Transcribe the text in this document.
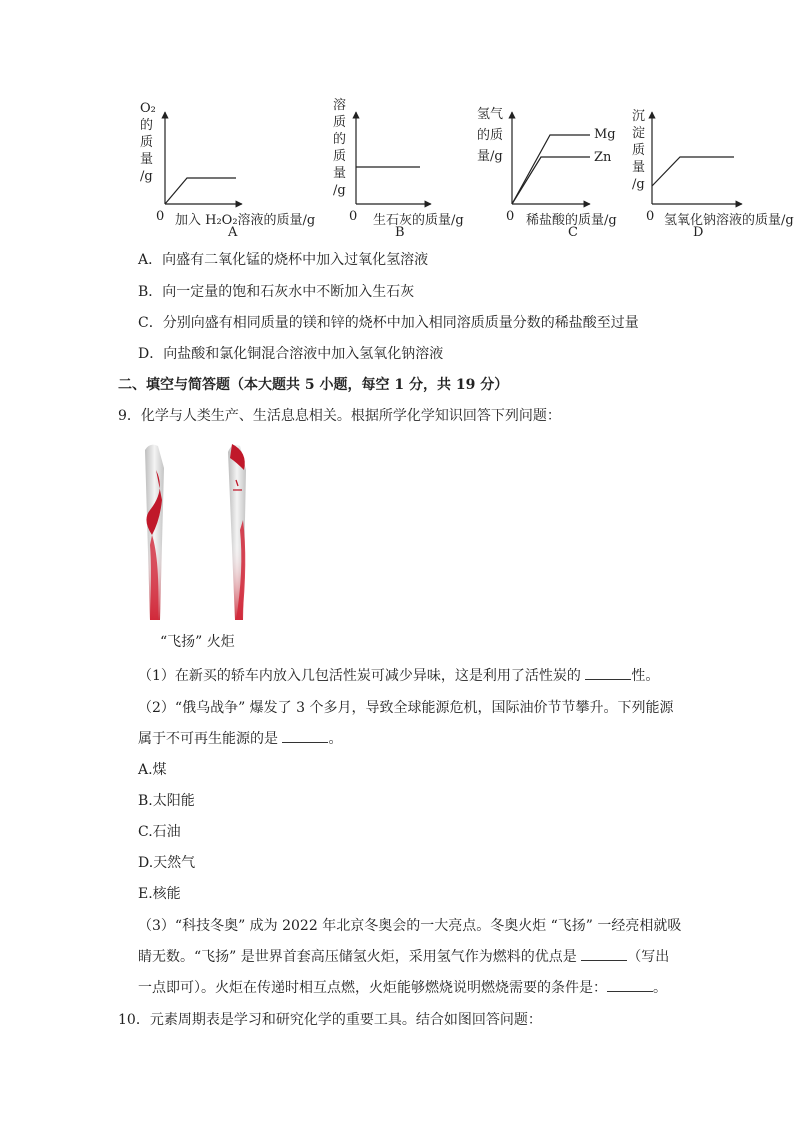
O₂
的
质
量
/g
0 加入 H₂O₂溶液的质量/g
A
溶
质
的
质
量
/g
0 生石灰的质量/g
B
氢气
的质
量/g
Mg
Zn
0 稀盐酸的质量/g
C
沉
淀
质
量
/g
0 氢氧化钠溶液的质量/g
D
A．向盛有二氧化锰的烧杯中加入过氧化氢溶液
B．向一定量的饱和石灰水中不断加入生石灰
C．分别向盛有相同质量的镁和锌的烧杯中加入相同溶质质量分数的稀盐酸至过量
D．向盐酸和氯化铜混合溶液中加入氢氧化钠溶液
二、填空与简答题（本大题共 5 小题，每空 1 分，共 19 分）
9．化学与人类生产、生活息息相关。根据所学化学知识回答下列问题：
“飞扬” 火炬
（1）在新买的轿车内放入几包活性炭可减少异味，这是利用了活性炭的	性。
（2）“俄乌战争” 爆发了 3 个多月，导致全球能源危机，国际油价节节攀升。下列能源
属于不可再生能源的是	。
A.煤
B.太阳能
C.石油
D.天然气
E.核能
（3）“科技冬奥” 成为 2022 年北京冬奥会的一大亮点。冬奥火炬 “飞扬” 一经亮相就吸
睛无数。“飞扬” 是世界首套高压储氢火炬，采用氢气作为燃料的优点是	（写出
一点即可）。火炬在传递时相互点燃，火炬能够燃烧说明燃烧需要的条件是：	。
10．元素周期表是学习和研究化学的重要工具。结合如图回答问题：
